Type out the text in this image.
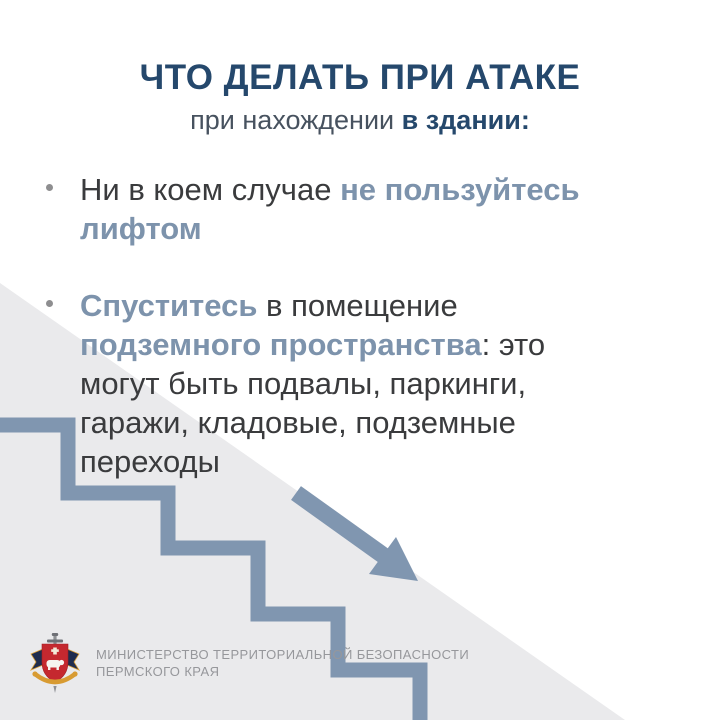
ЧТО ДЕЛАТЬ ПРИ АТАКЕ
при нахождении в здании:
Ни в коем случае не пользуйтесь
лифтом
Спуститесь в помещение
подземного пространства: это
могут быть подвалы, паркинги,
гаражи, кладовые, подземные
переходы
МИНИСТЕРСТВО ТЕРРИТОРИАЛЬНОЙ БЕЗОПАСНОСТИ
ПЕРМСКОГО КРАЯ
